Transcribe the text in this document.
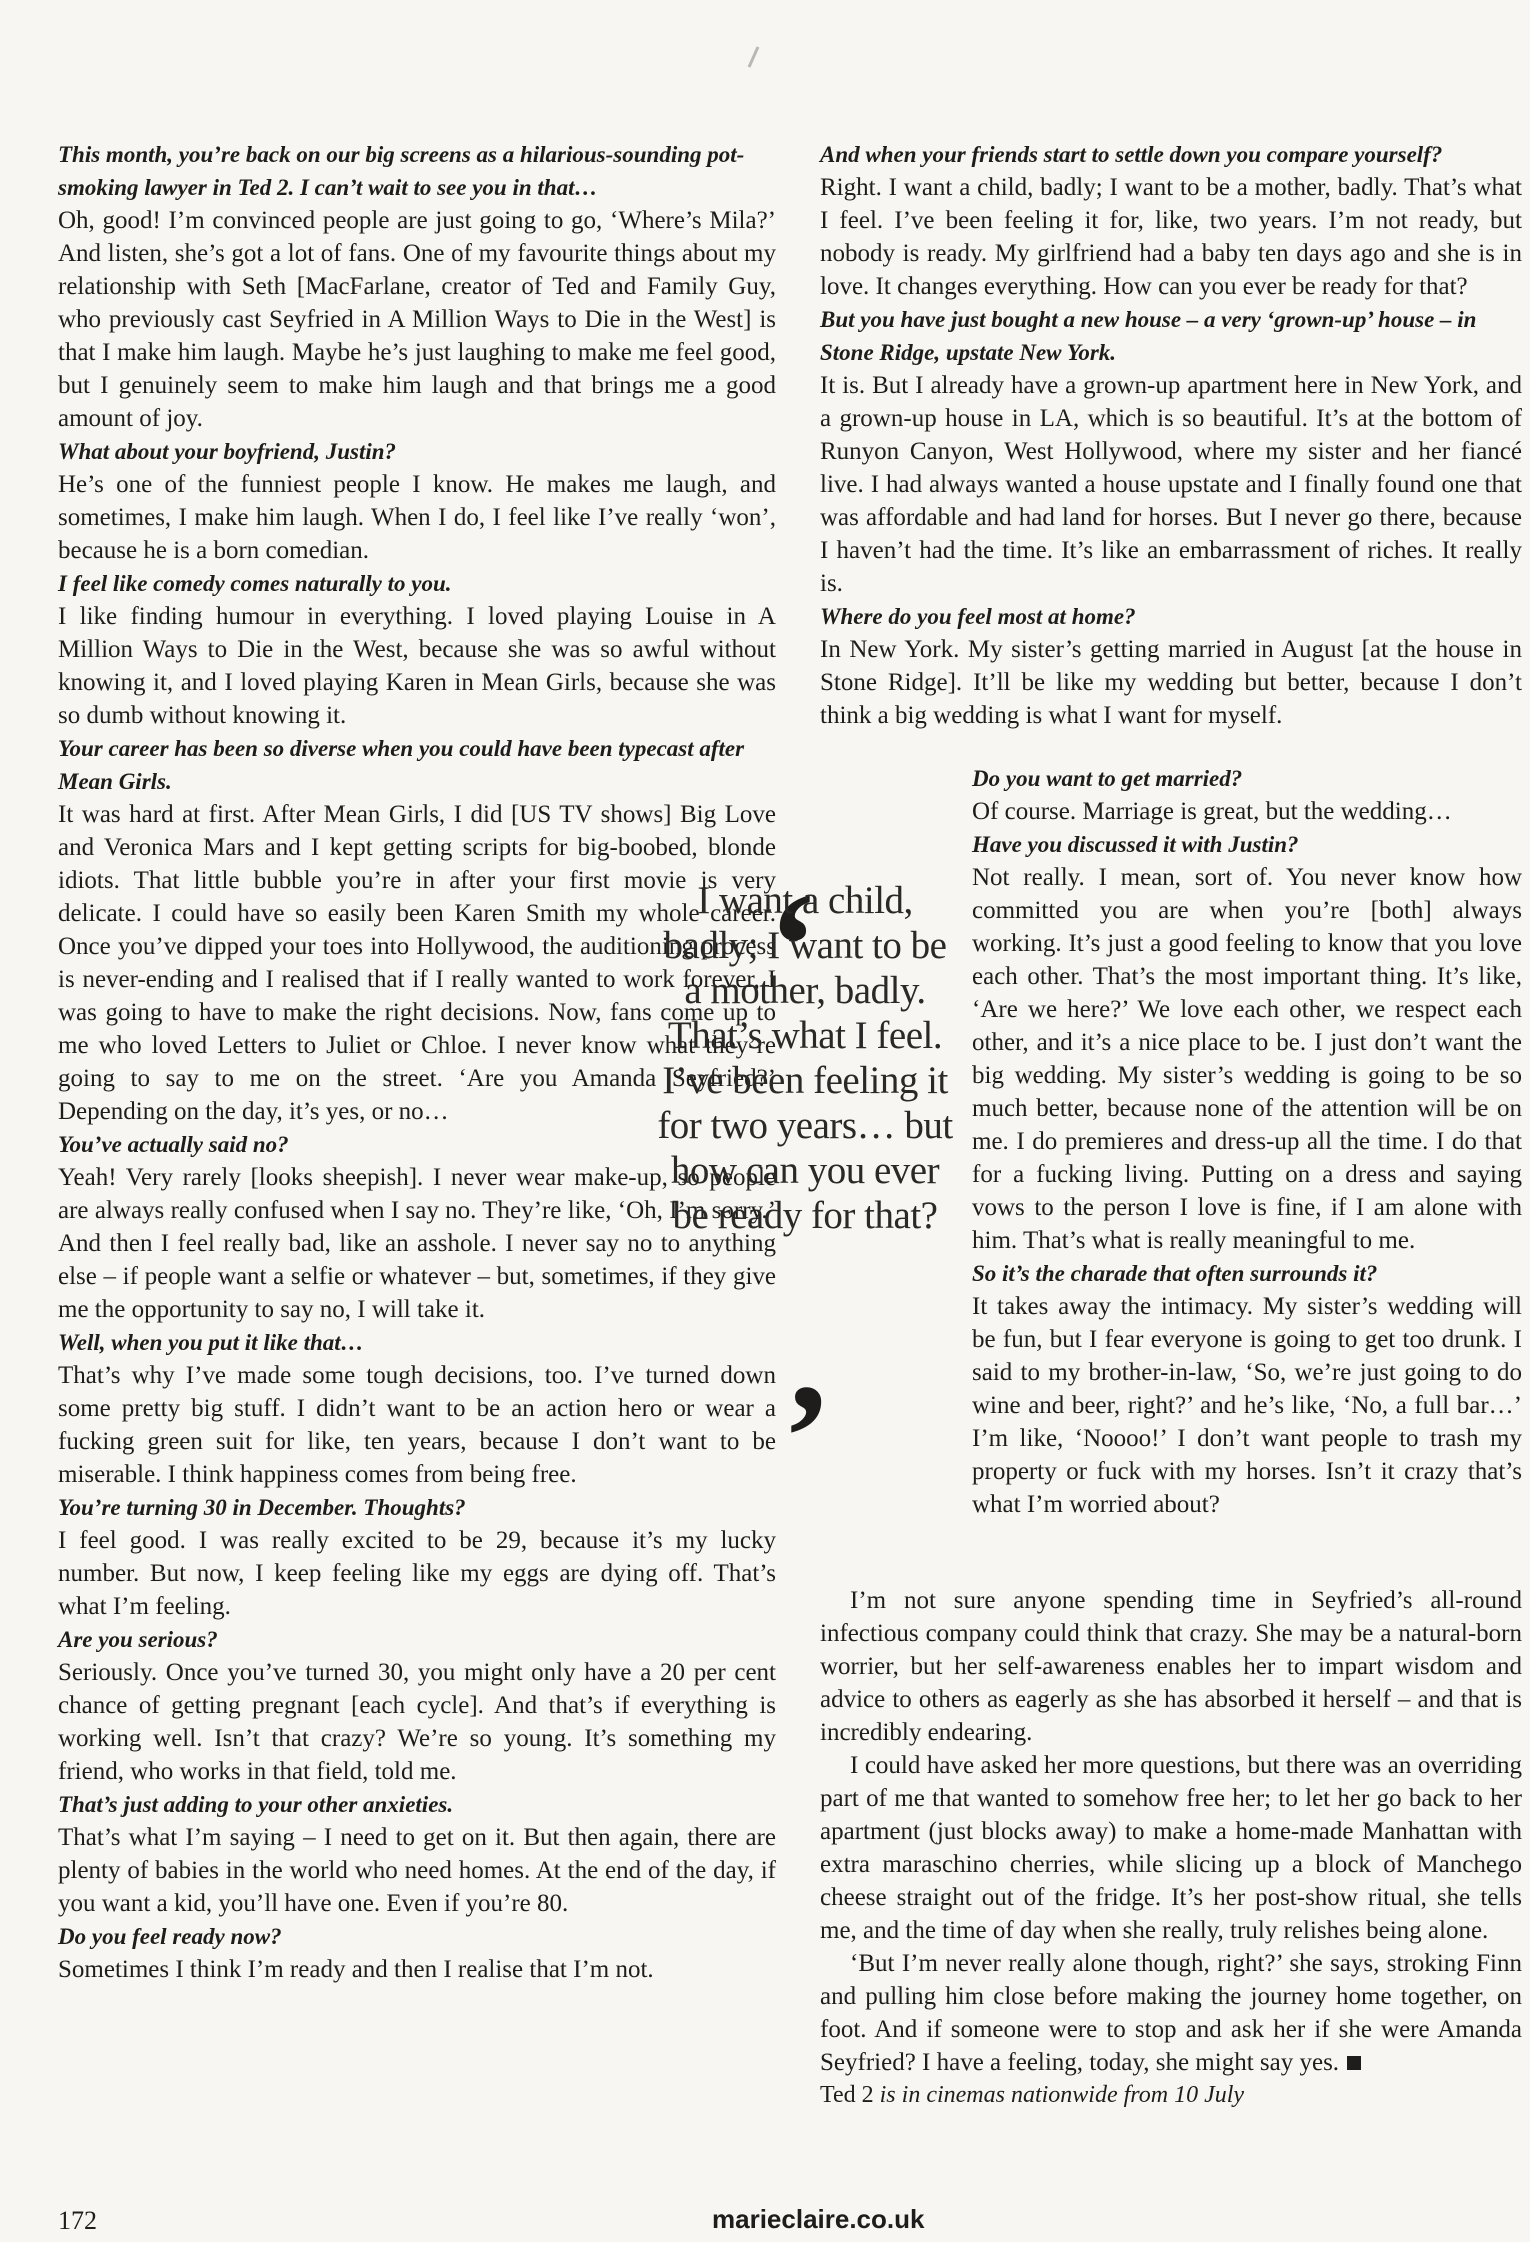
This month, you’re back on our big screens as a hilarious-sounding pot-smoking lawyer in Ted 2. I can’t wait to see you in that…

Oh, good! I’m convinced people are just going to go, ‘Where’s Mila?’ And listen, she’s got a lot of fans. One of my favourite things about my relationship with Seth [MacFarlane, creator of Ted and Family Guy, who previously cast Seyfried in A Million Ways to Die in the West] is that I make him laugh. Maybe he’s just laughing to make me feel good, but I genuinely seem to make him laugh and that brings me a good amount of joy.

What about your boyfriend, Justin?

He’s one of the funniest people I know. He makes me laugh, and sometimes, I make him laugh. When I do, I feel like I’ve really ‘won’, because he is a born comedian.

I feel like comedy comes naturally to you.

I like finding humour in everything. I loved playing Louise in A Million Ways to Die in the West, because she was so awful without knowing it, and I loved playing Karen in Mean Girls, because she was so dumb without knowing it.

Your career has been so diverse when you could have been typecast after Mean Girls.

It was hard at first. After Mean Girls, I did [US TV shows] Big Love and Veronica Mars and I kept getting scripts for big-boobed, blonde idiots. That little bubble you’re in after your first movie is very delicate. I could have so easily been Karen Smith my whole career. Once you’ve dipped your toes into Hollywood, the auditioning process is never-ending and I realised that if I really wanted to work forever, I was going to have to make the right decisions. Now, fans come up to me who loved Letters to Juliet or Chloe. I never know what they’re going to say to me on the street. ‘Are you Amanda Seyfried?’ Depending on the day, it’s yes, or no…

You’ve actually said no?

Yeah! Very rarely [looks sheepish]. I never wear make-up, so people are always really confused when I say no. They’re like, ‘Oh, I’m sorry.’ And then I feel really bad, like an asshole. I never say no to anything else – if people want a selfie or whatever – but, sometimes, if they give me the opportunity to say no, I will take it.

Well, when you put it like that…

That’s why I’ve made some tough decisions, too. I’ve turned down some pretty big stuff. I didn’t want to be an action hero or wear a fucking green suit for like, ten years, because I don’t want to be miserable. I think happiness comes from being free.

You’re turning 30 in December. Thoughts?

I feel good. I was really excited to be 29, because it’s my lucky number. But now, I keep feeling like my eggs are dying off. That’s what I’m feeling.

Are you serious?

Seriously. Once you’ve turned 30, you might only have a 20 per cent chance of getting pregnant [each cycle]. And that’s if everything is working well. Isn’t that crazy? We’re so young. It’s something my friend, who works in that field, told me.

That’s just adding to your other anxieties.

That’s what I’m saying – I need to get on it. But then again, there are plenty of babies in the world who need homes. At the end of the day, if you want a kid, you’ll have one. Even if you’re 80.

Do you feel ready now?

Sometimes I think I’m ready and then I realise that I’m not.

And when your friends start to settle down you compare yourself?

Right. I want a child, badly; I want to be a mother, badly. That’s what I feel. I’ve been feeling it for, like, two years. I’m not ready, but nobody is ready. My girlfriend had a baby ten days ago and she is in love. It changes everything. How can you ever be ready for that?

But you have just bought a new house – a very ‘grown-up’ house – in Stone Ridge, upstate New York.

It is. But I already have a grown-up apartment here in New York, and a grown-up house in LA, which is so beautiful. It’s at the bottom of Runyon Canyon, West Hollywood, where my sister and her fiancé live. I had always wanted a house upstate and I finally found one that was affordable and had land for horses. But I never go there, because I haven’t had the time. It’s like an embarrassment of riches. It really is.

Where do you feel most at home?

In New York. My sister’s getting married in August [at the house in Stone Ridge]. It’ll be like my wedding but better, because I don’t think a big wedding is what I want for myself.

‘
I want a child, badly; I want to be a mother, badly. That’s what I feel. I’ve been feeling it for two years… but how can you ever be ready for that?
’

Do you want to get married?

Of course. Marriage is great, but the wedding…

Have you discussed it with Justin?

Not really. I mean, sort of. You never know how committed you are when you’re [both] always working. It’s just a good feeling to know that you love each other. That’s the most important thing. It’s like, ‘Are we here?’ We love each other, we respect each other, and it’s a nice place to be. I just don’t want the big wedding. My sister’s wedding is going to be so much better, because none of the attention will be on me. I do premieres and dress-up all the time. I do that for a fucking living. Putting on a dress and saying vows to the person I love is fine, if I am alone with him. That’s what is really meaningful to me.

So it’s the charade that often surrounds it?

It takes away the intimacy. My sister’s wedding will be fun, but I fear everyone is going to get too drunk. I said to my brother-in-law, ‘So, we’re just going to do wine and beer, right?’ and he’s like, ‘No, a full bar…’ I’m like, ‘Noooo!’ I don’t want people to trash my property or fuck with my horses. Isn’t it crazy that’s what I’m worried about?

I’m not sure anyone spending time in Seyfried’s all-round infectious company could think that crazy. She may be a natural-born worrier, but her self-awareness enables her to impart wisdom and advice to others as eagerly as she has absorbed it herself – and that is incredibly endearing.

I could have asked her more questions, but there was an overriding part of me that wanted to somehow free her; to let her go back to her apartment (just blocks away) to make a home-made Manhattan with extra maraschino cherries, while slicing up a block of Manchego cheese straight out of the fridge. It’s her post-show ritual, she tells me, and the time of day when she really, truly relishes being alone.

‘But I’m never really alone though, right?’ she says, stroking Finn and pulling him close before making the journey home together, on foot. And if someone were to stop and ask her if she were Amanda Seyfried? I have a feeling, today, she might say yes.

Ted 2 is in cinemas nationwide from 10 July

172	marieclaire.co.uk
